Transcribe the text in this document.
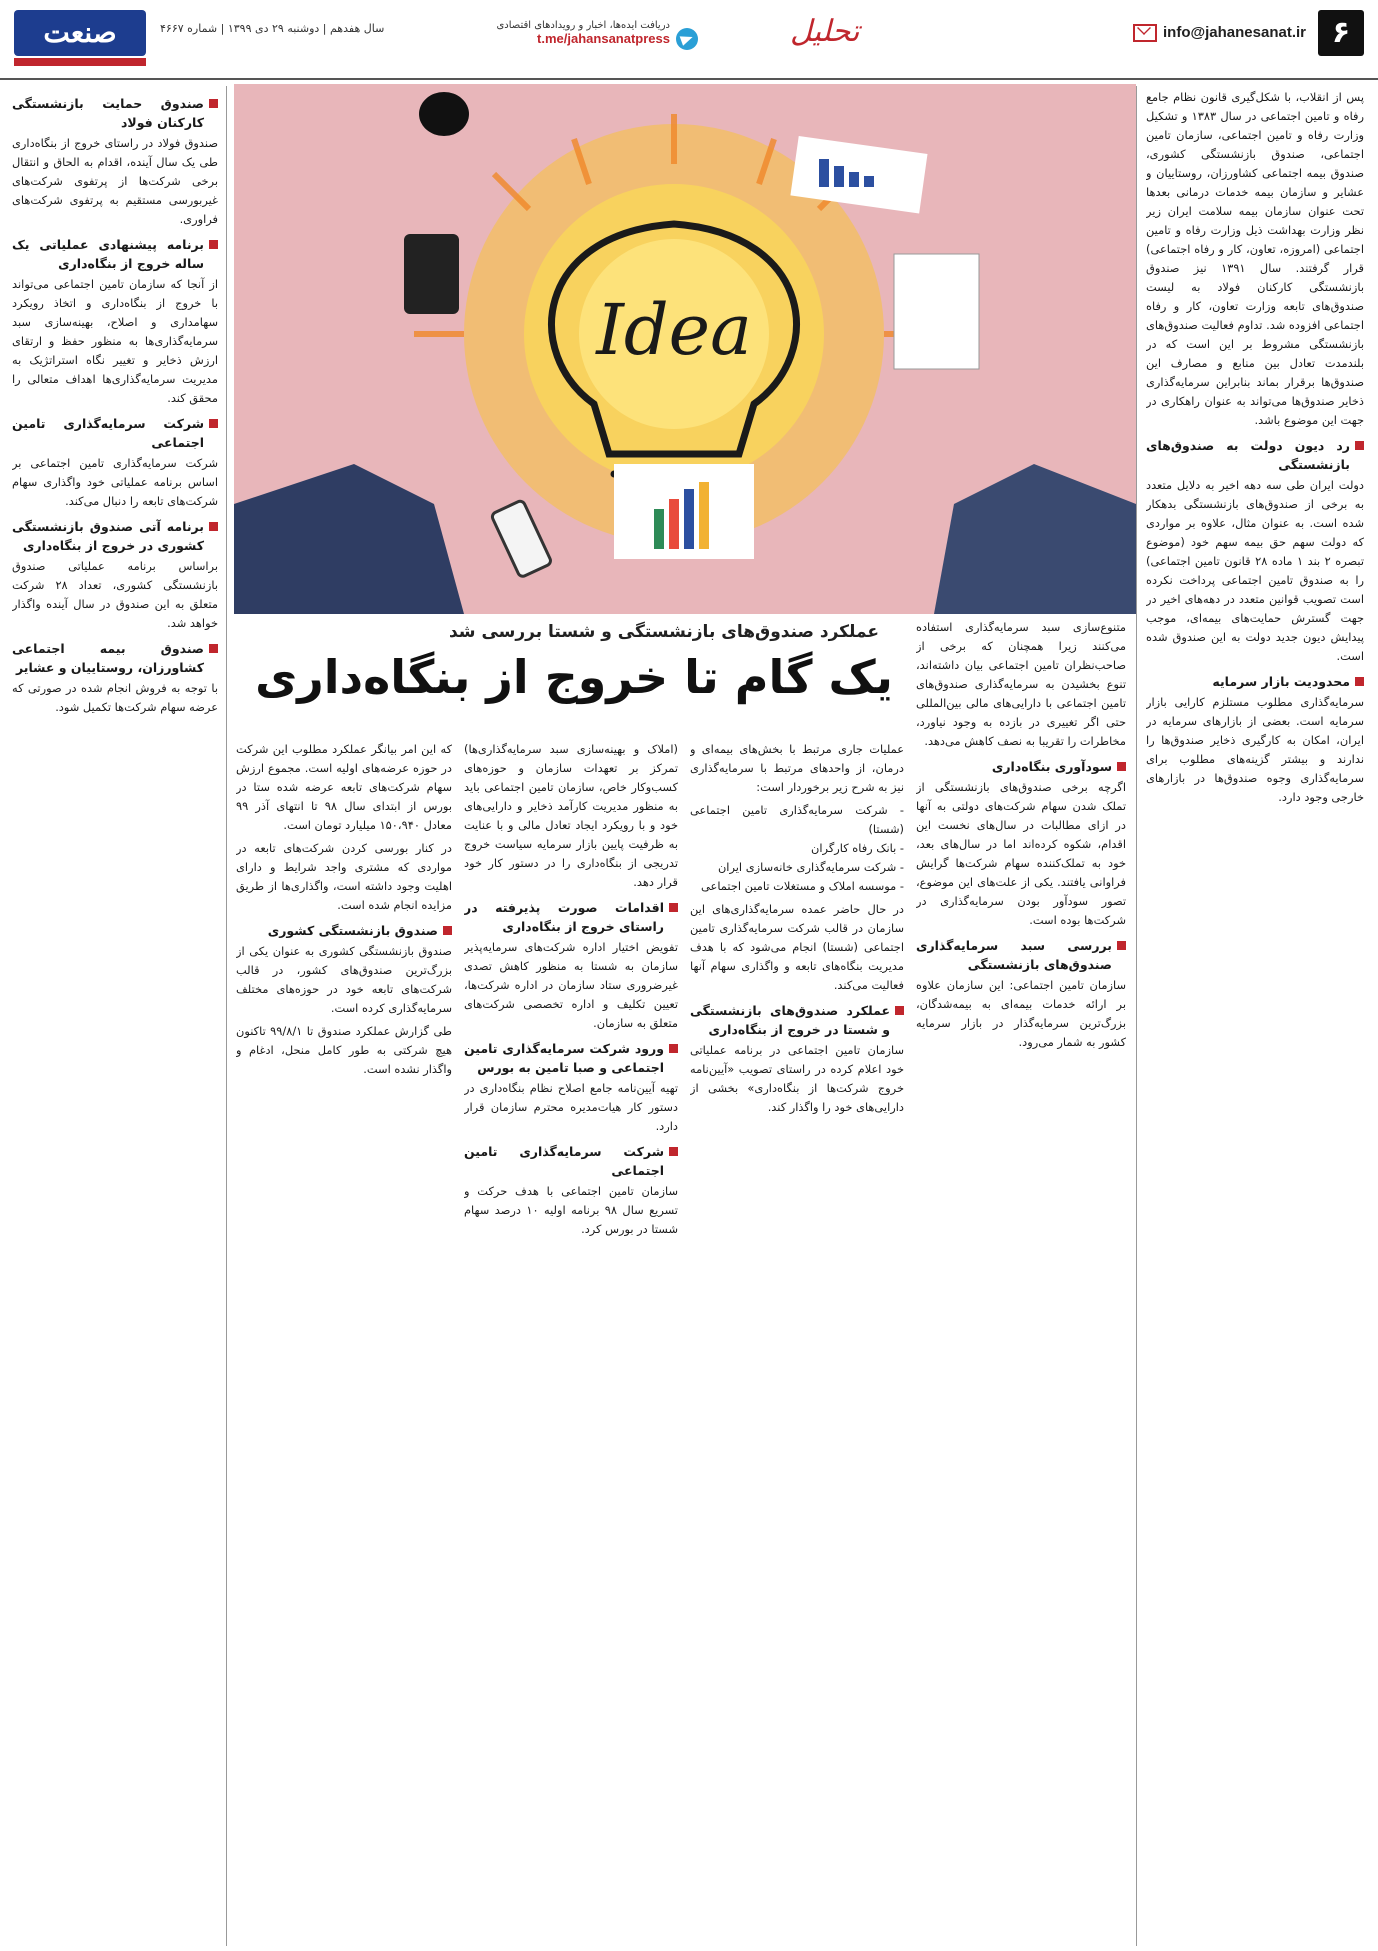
۶
info@jahanesanat.ir
تحلیل
دریافت ایده‌ها، اخبار و رویدادهای اقتصادی
t.me/jahansanatpress
سال هفدهم | دوشنبه ۲۹ دی ۱۳۹۹ | شماره ۴۶۶۷
صنعت

پس از انقلاب، با شکل‌گیری قانون نظام جامع رفاه و تامین اجتماعی در سال ۱۳۸۳ و تشکیل وزارت رفاه و تامین اجتماعی، سازمان تامین اجتماعی، صندوق بازنشستگی کشوری، صندوق بیمه اجتماعی کشاورزان، روستاییان و عشایر و سازمان بیمه خدمات درمانی بعدها تحت عنوان سازمان بیمه سلامت ایران زیر نظر وزارت بهداشت ذیل وزارت رفاه و تامین اجتماعی (امروزه، تعاون، کار و رفاه اجتماعی) قرار گرفتند. سال ۱۳۹۱ نیز صندوق بازنشستگی کارکنان فولاد به لیست صندوق‌های تابعه وزارت تعاون، کار و رفاه اجتماعی افزوده شد. تداوم فعالیت صندوق‌های بازنشستگی مشروط بر این است که در بلندمدت تعادل بین منابع و مصارف این صندوق‌ها برقرار بماند بنابراین سرمایه‌گذاری ذخایر صندوق‌ها می‌تواند به عنوان راهکاری در جهت این موضوع باشد.

رد دیون دولت به صندوق‌های بازنشستگی

دولت ایران طی سه دهه اخیر به دلایل متعدد به برخی از صندوق‌های بازنشستگی بدهکار شده است. به عنوان مثال، علاوه بر مواردی که دولت سهم حق بیمه سهم خود (موضوع تبصره ۲ بند ۱ ماده ۲۸ قانون تامین اجتماعی) را به صندوق تامین اجتماعی پرداخت نکرده است تصویب قوانین متعدد در دهه‌های اخیر در جهت گسترش حمایت‌های بیمه‌ای، موجب پیدایش دیون جدید دولت به این صندوق شده است.

محدودیت بازار سرمایه

سرمایه‌گذاری مطلوب مستلزم کارایی بازار سرمایه است. بعضی از بازارهای سرمایه در ایران، امکان به کارگیری ذخایر صندوق‌ها را ندارند و بیشتر گزینه‌های مطلوب برای سرمایه‌گذاری وجوه صندوق‌ها در بازارهای خارجی وجود دارد.

Idea
عملکرد صندوق‌های بازنشستگی و شستا بررسی شد
یک گام تا خروج از بنگاه‌داری

متنوع‌سازی سبد سرمایه‌گذاری استفاده می‌کنند زیرا همچنان که برخی از صاحب‌نظران تامین اجتماعی بیان داشته‌اند، تنوع بخشیدن به سرمایه‌گذاری صندوق‌های تامین اجتماعی با دارایی‌های مالی بین‌المللی حتی اگر تغییری در بازده به وجود نیاورد، مخاطرات را تقریبا به نصف کاهش می‌دهد.

سودآوری بنگاه‌داری

اگرچه برخی صندوق‌های بازنشستگی از تملک شدن سهام شرکت‌های دولتی به آنها در ازای مطالبات در سال‌های نخست این اقدام، شکوه کرده‌اند اما در سال‌های بعد، خود به تملک‌کننده سهام شرکت‌ها گرایش فراوانی یافتند. یکی از علت‌های این موضوع، تصور سودآور بودن سرمایه‌گذاری در شرکت‌ها بوده است.

بررسی سبد سرمایه‌گذاری صندوق‌های بازنشستگی

سازمان تامین اجتماعی: این سازمان علاوه بر ارائه خدمات بیمه‌ای به بیمه‌شدگان، بزرگ‌ترین سرمایه‌گذار در بازار سرمایه کشور به شمار می‌رود.

عملیات جاری مرتبط با بخش‌های بیمه‌ای و درمان، از واحدهای مرتبط با سرمایه‌گذاری نیز به شرح زیر برخوردار است:

- شرکت سرمایه‌گذاری تامین اجتماعی (شستا)
- بانک رفاه کارگران
- شرکت سرمایه‌گذاری خانه‌سازی ایران
- موسسه املاک و مستغلات تامین اجتماعی

در حال حاضر عمده سرمایه‌گذاری‌های این سازمان در قالب شرکت سرمایه‌گذاری تامین اجتماعی (شستا) انجام می‌شود که با هدف مدیریت بنگاه‌های تابعه و واگذاری سهام آنها فعالیت می‌کند.

عملکرد صندوق‌های بازنشستگی و شستا در خروج از بنگاه‌داری

سازمان تامین اجتماعی در برنامه عملیاتی خود اعلام کرده در راستای تصویب «آیین‌نامه خروج شرکت‌ها از بنگاه‌داری» بخشی از دارایی‌های خود را واگذار کند.

(املاک و بهینه‌سازی سبد سرمایه‌گذاری‌ها) تمرکز بر تعهدات سازمان و حوزه‌های کسب‌وکار خاص، سازمان تامین اجتماعی باید به منظور مدیریت کارآمد ذخایر و دارایی‌های خود و با رویکرد ایجاد تعادل مالی و با عنایت به ظرفیت پایین بازار سرمایه سیاست خروج تدریجی از بنگاه‌داری را در دستور کار خود قرار دهد.

اقدامات صورت پذیرفته در راستای خروج از بنگاه‌داری

تفویض اختیار اداره شرکت‌های سرمایه‌پذیر سازمان به شستا به منظور کاهش تصدی غیرضروری ستاد سازمان در اداره شرکت‌ها، تعیین تکلیف و اداره تخصصی شرکت‌های متعلق به سازمان.

ورود شرکت سرمایه‌گذاری تامین اجتماعی و صبا تامین به بورس

تهیه آیین‌نامه جامع اصلاح نظام بنگاه‌داری در دستور کار هیات‌مدیره محترم سازمان قرار دارد.

شرکت سرمایه‌گذاری تامین اجتماعی

سازمان تامین اجتماعی با هدف حرکت و تسریع سال ۹۸ برنامه اولیه ۱۰ درصد سهام شستا در بورس کرد.

که این امر بیانگر عملکرد مطلوب این شرکت در حوزه عرضه‌های اولیه است. مجموع ارزش سهام شرکت‌های تابعه عرضه شده ستا در بورس از ابتدای سال ۹۸ تا انتهای آذر ۹۹ معادل ۱۵۰،۹۴۰ میلیارد تومان است.

در کنار بورسی کردن شرکت‌های تابعه در مواردی که مشتری واجد شرایط و دارای اهلیت وجود داشته است، واگذاری‌ها از طریق مزایده انجام شده است.

صندوق بازنشستگی کشوری

صندوق بازنشستگی کشوری به عنوان یکی از بزرگ‌ترین صندوق‌های کشور، در قالب شرکت‌های تابعه خود در حوزه‌های مختلف سرمایه‌گذاری کرده است.

طی گزارش عملکرد صندوق تا ۹۹/۸/۱ تاکنون هیچ شرکتی به طور کامل منحل، ادغام و واگذار نشده است.

صندوق حمایت بازنشستگی کارکنان فولاد

صندوق فولاد در راستای خروج از بنگاه‌داری طی یک سال آینده، اقدام به الحاق و انتقال برخی شرکت‌ها از پرتفوی شرکت‌های غیربورسی مستقیم به پرتفوی شرکت‌های فراوری.

برنامه پیشنهادی عملیاتی یک ساله خروج از بنگاه‌داری

از آنجا که سازمان تامین اجتماعی می‌تواند با خروج از بنگاه‌داری و اتخاذ رویکرد سهامداری و اصلاح، بهینه‌سازی سبد سرمایه‌گذاری‌ها به منظور حفظ و ارتقای ارزش ذخایر و تغییر نگاه استراتژیک به مدیریت سرمایه‌گذاری‌ها اهداف متعالی را محقق کند.

شرکت سرمایه‌گذاری تامین اجتماعی

شرکت سرمایه‌گذاری تامین اجتماعی بر اساس برنامه عملیاتی خود واگذاری سهام شرکت‌های تابعه را دنبال می‌کند.

برنامه آتی صندوق بازنشستگی کشوری در خروج از بنگاه‌داری

براساس برنامه عملیاتی صندوق بازنشستگی کشوری، تعداد ۲۸ شرکت متعلق به این صندوق در سال آینده واگذار خواهد شد.

صندوق بیمه اجتماعی کشاورزان، روستاییان و عشایر

با توجه به فروش انجام شده در صورتی که عرضه سهام شرکت‌ها تکمیل شود.
